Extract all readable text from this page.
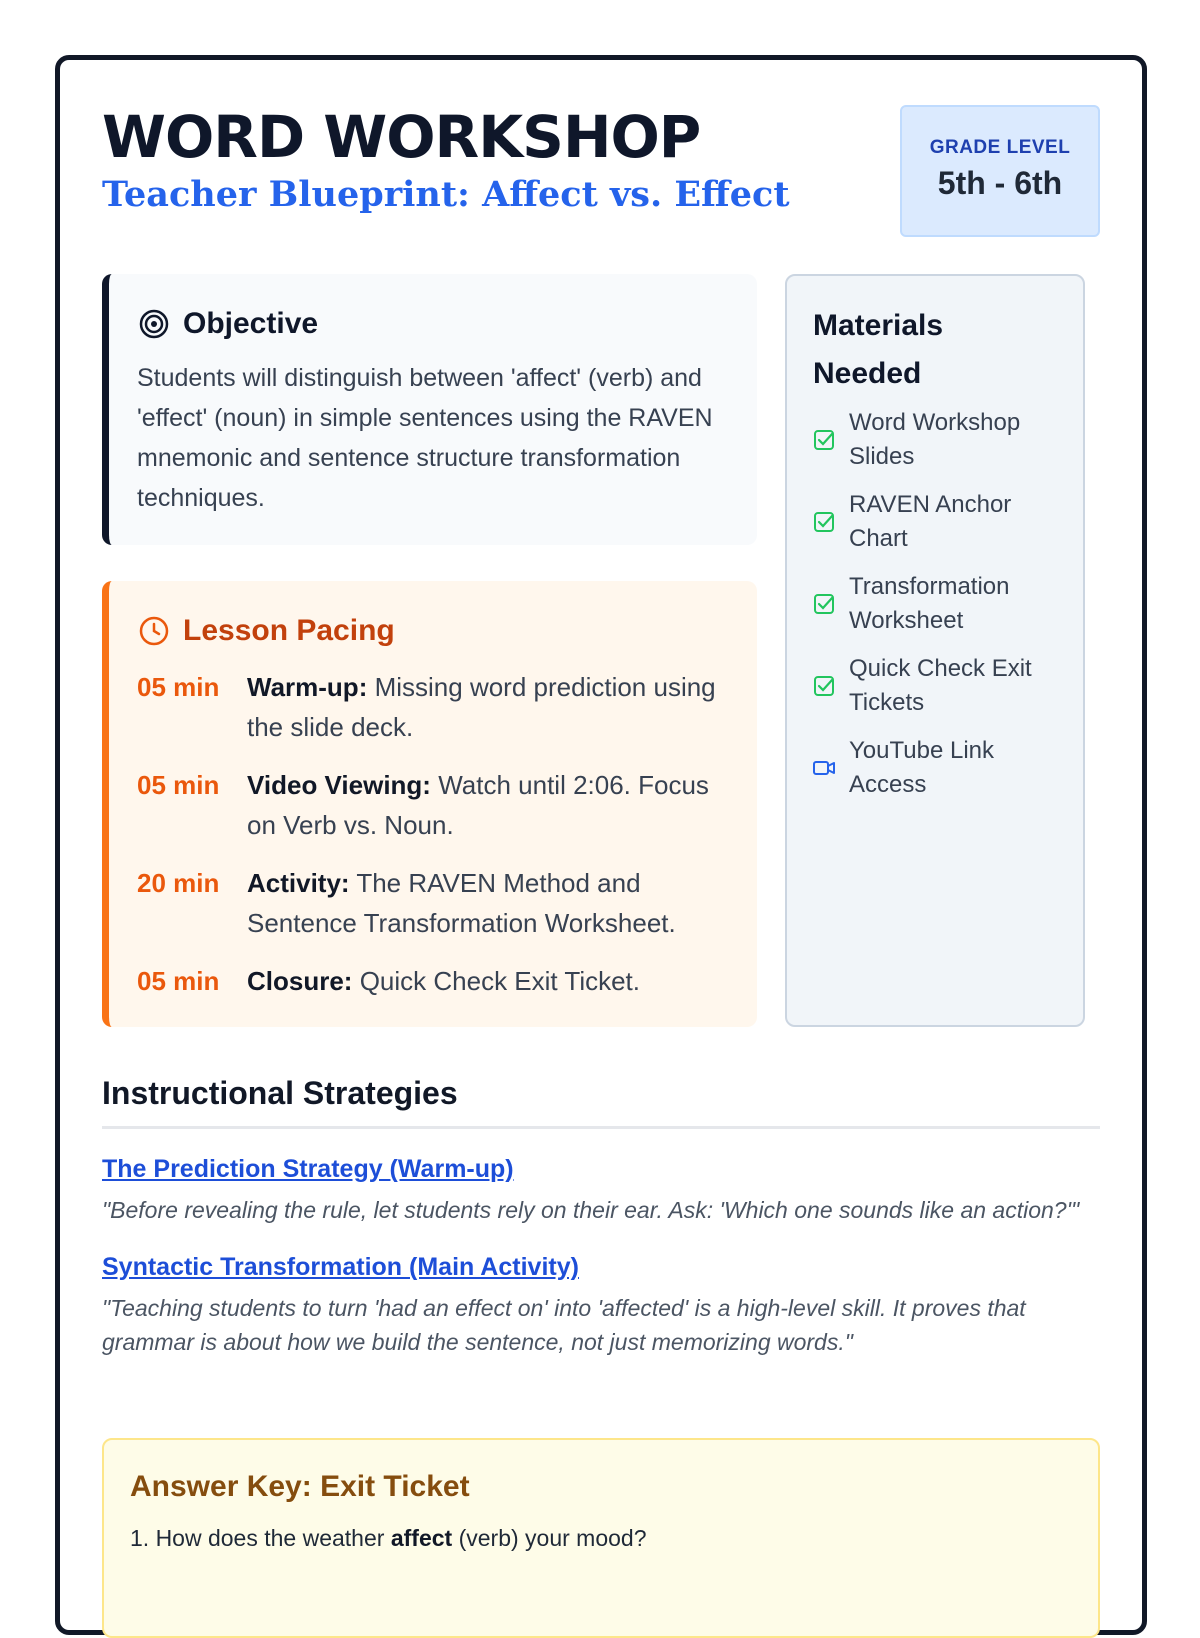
WORD WORKSHOP
Teacher Blueprint: Affect vs. Effect
GRADE LEVEL
5th - 6th
Objective

Students will distinguish between 'affect' (verb) and 'effect' (noun) in simple sentences using the RAVEN mnemonic and sentence structure transformation techniques.

Lesson Pacing
05 min	Warm-up: Missing word prediction using the slide deck.
05 min	Video Viewing: Watch until 2:06. Focus on Verb vs. Noun.
20 min	Activity: The RAVEN Method and Sentence Transformation Worksheet.
05 min	Closure: Quick Check Exit Ticket.
Materials Needed
Word Workshop Slides
RAVEN Anchor Chart
Transformation Worksheet
Quick Check Exit Tickets
YouTube Link Access
Instructional Strategies
The Prediction Strategy (Warm-up)
"Before revealing the rule, let students rely on their ear. Ask: 'Which one sounds like an action?'"
Syntactic Transformation (Main Activity)
"Teaching students to turn 'had an effect on' into 'affected' is a high-level skill. It proves that grammar is about how we build the sentence, not just memorizing words."
Answer Key: Exit Ticket
1. How does the weather affect (verb) your mood?
